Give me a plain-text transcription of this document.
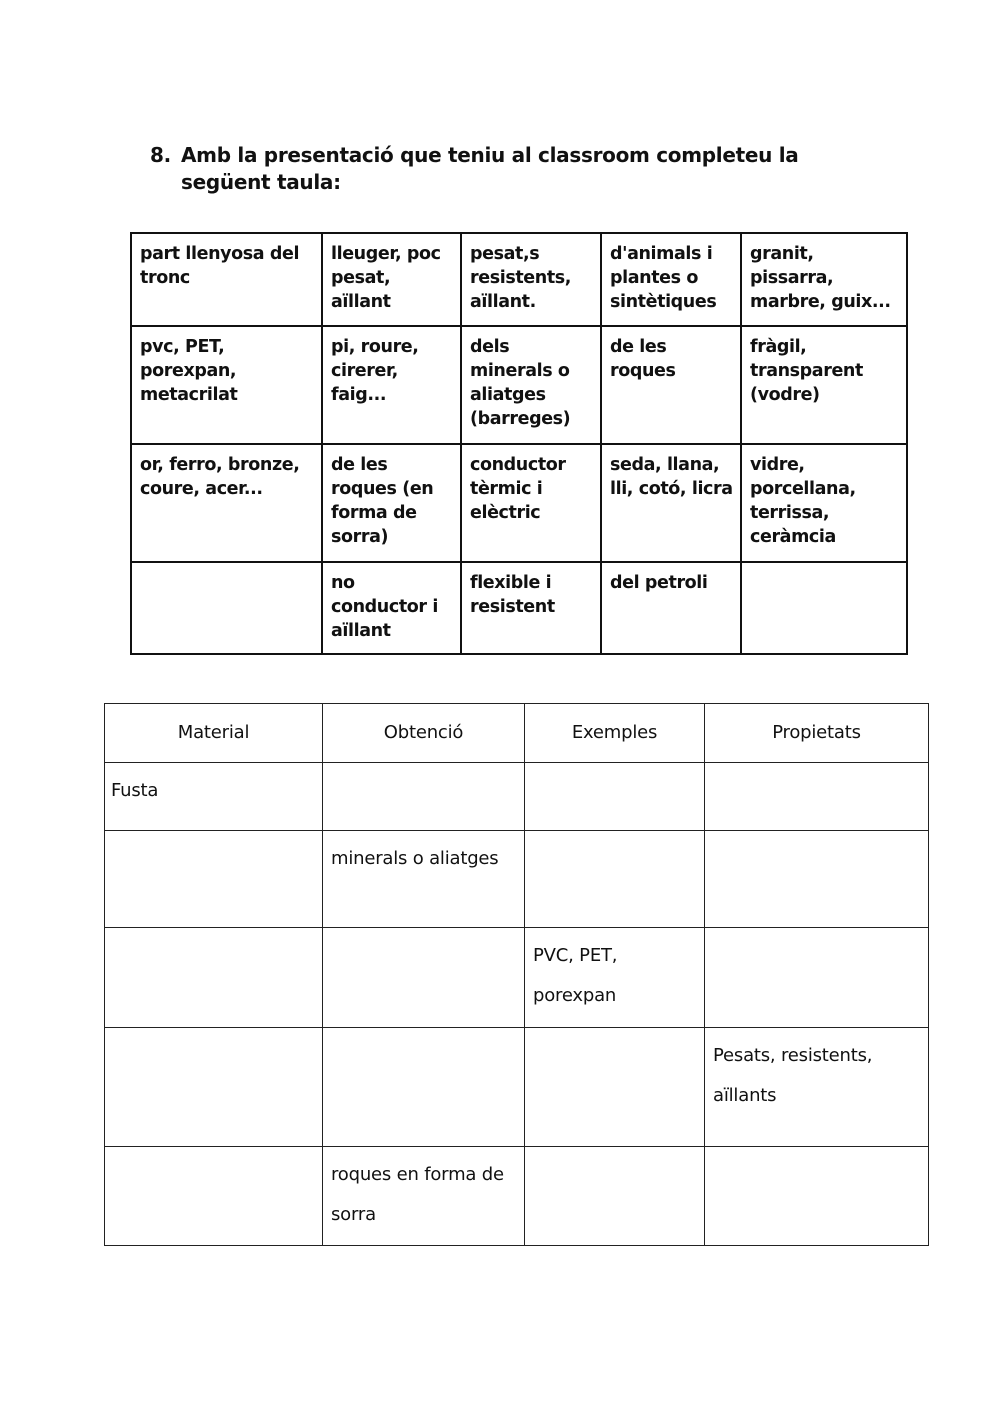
8. Amb la presentació que teniu al classroom completeu la següent taula:
part llenyosa del tronc	lleuger, poc pesat, aïllant	pesat,s resistents, aïllant.	d'animals i plantes o sintètiques	granit, pissarra, marbre, guix...
pvc, PET, porexpan, metacrilat	pi, roure, cirerer, faig...	dels minerals o aliatges (barreges)	de les roques	fràgil, transparent (vodre)
or, ferro, bronze, coure, acer...	de les roques (en forma de sorra)	conductor tèrmic i elèctric	seda, llana, lli, cotó, licra	vidre, porcellana, terrissa, ceràmcia
	no conductor i aïllant	flexible i resistent	del petroli	
Material	Obtenció	Exemples	Propietats
Fusta			
	minerals o aliatges		
		PVC, PET, porexpan	
			Pesats, resistents, aïllants
	roques en forma de sorra		
